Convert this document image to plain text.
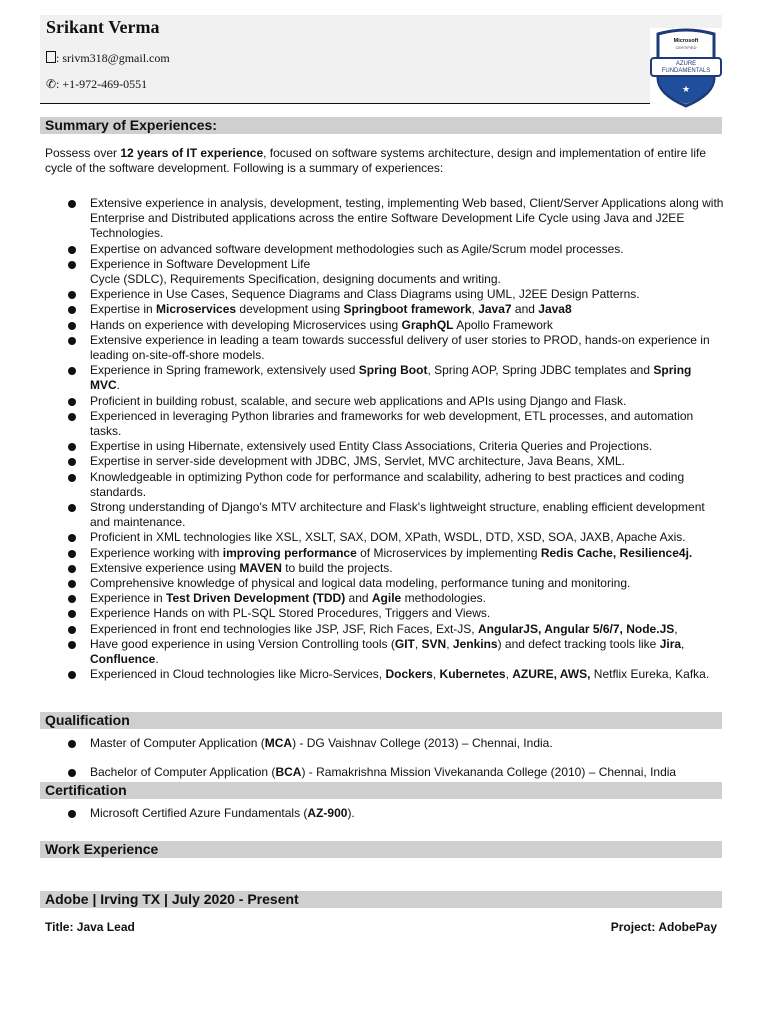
Srikant Verma
: srivm318@gmail.com
✆: +1-972-469-0551
Microsoft
CERTIFIED
AZURE
FUNDAMENTALS
★
Summary of Experiences:
Possess over 12 years of IT experience, focused on software systems architecture, design and implementation of entire life cycle of the software development. Following is a summary of experiences:
Extensive experience in analysis, development, testing, implementing Web based, Client/Server Applications along with Enterprise and Distributed applications across the entire Software Development Life Cycle using Java and J2EE Technologies.
Expertise on advanced software development methodologies such as Agile/Scrum model processes.
Experience in Software Development Life
Cycle (SDLC), Requirements Specification, designing documents and writing.
Experience in Use Cases, Sequence Diagrams and Class Diagrams using UML, J2EE Design Patterns.
Expertise in Microservices development using Springboot framework, Java7 and Java8
Hands on experience with developing Microservices using GraphQL Apollo Framework
Extensive experience in leading a team towards successful delivery of user stories to PROD, hands-on experience in leading on-site-off-shore models.
Experience in Spring framework, extensively used Spring Boot, Spring AOP, Spring JDBC templates and Spring MVC.
Proficient in building robust, scalable, and secure web applications and APIs using Django and Flask.
Experienced in leveraging Python libraries and frameworks for web development, ETL processes, and automation tasks.
Expertise in using Hibernate, extensively used Entity Class Associations, Criteria Queries and Projections.
Expertise in server-side development with JDBC, JMS, Servlet, MVC architecture, Java Beans, XML.
Knowledgeable in optimizing Python code for performance and scalability, adhering to best practices and coding standards.
Strong understanding of Django's MTV architecture and Flask's lightweight structure, enabling efficient development and maintenance.
Proficient in XML technologies like XSL, XSLT, SAX, DOM, XPath, WSDL, DTD, XSD, SOA, JAXB, Apache Axis.
Experience working with improving performance of Microservices by implementing Redis Cache, Resilience4j.
Extensive experience using MAVEN to build the projects.
Comprehensive knowledge of physical and logical data modeling, performance tuning and monitoring.
Experience in Test Driven Development (TDD) and Agile methodologies.
Experience Hands on with PL-SQL Stored Procedures, Triggers and Views.
Experienced in front end technologies like JSP, JSF, Rich Faces, Ext-JS, AngularJS, Angular 5/6/7, Node.JS,
Have good experience in using Version Controlling tools (GIT, SVN, Jenkins) and defect tracking tools like Jira, Confluence.
Experienced in Cloud technologies like Micro-Services, Dockers, Kubernetes, AZURE, AWS, Netflix Eureka, Kafka.
Qualification
Master of Computer Application (MCA) - DG Vaishnav College (2013) – Chennai, India.
Bachelor of Computer Application (BCA) - Ramakrishna Mission Vivekananda College (2010) – Chennai, India
Certification
Microsoft Certified Azure Fundamentals (AZ-900).
Work Experience
Adobe | Irving TX | July 2020 - Present
Title: Java Lead	Project: AdobePay
